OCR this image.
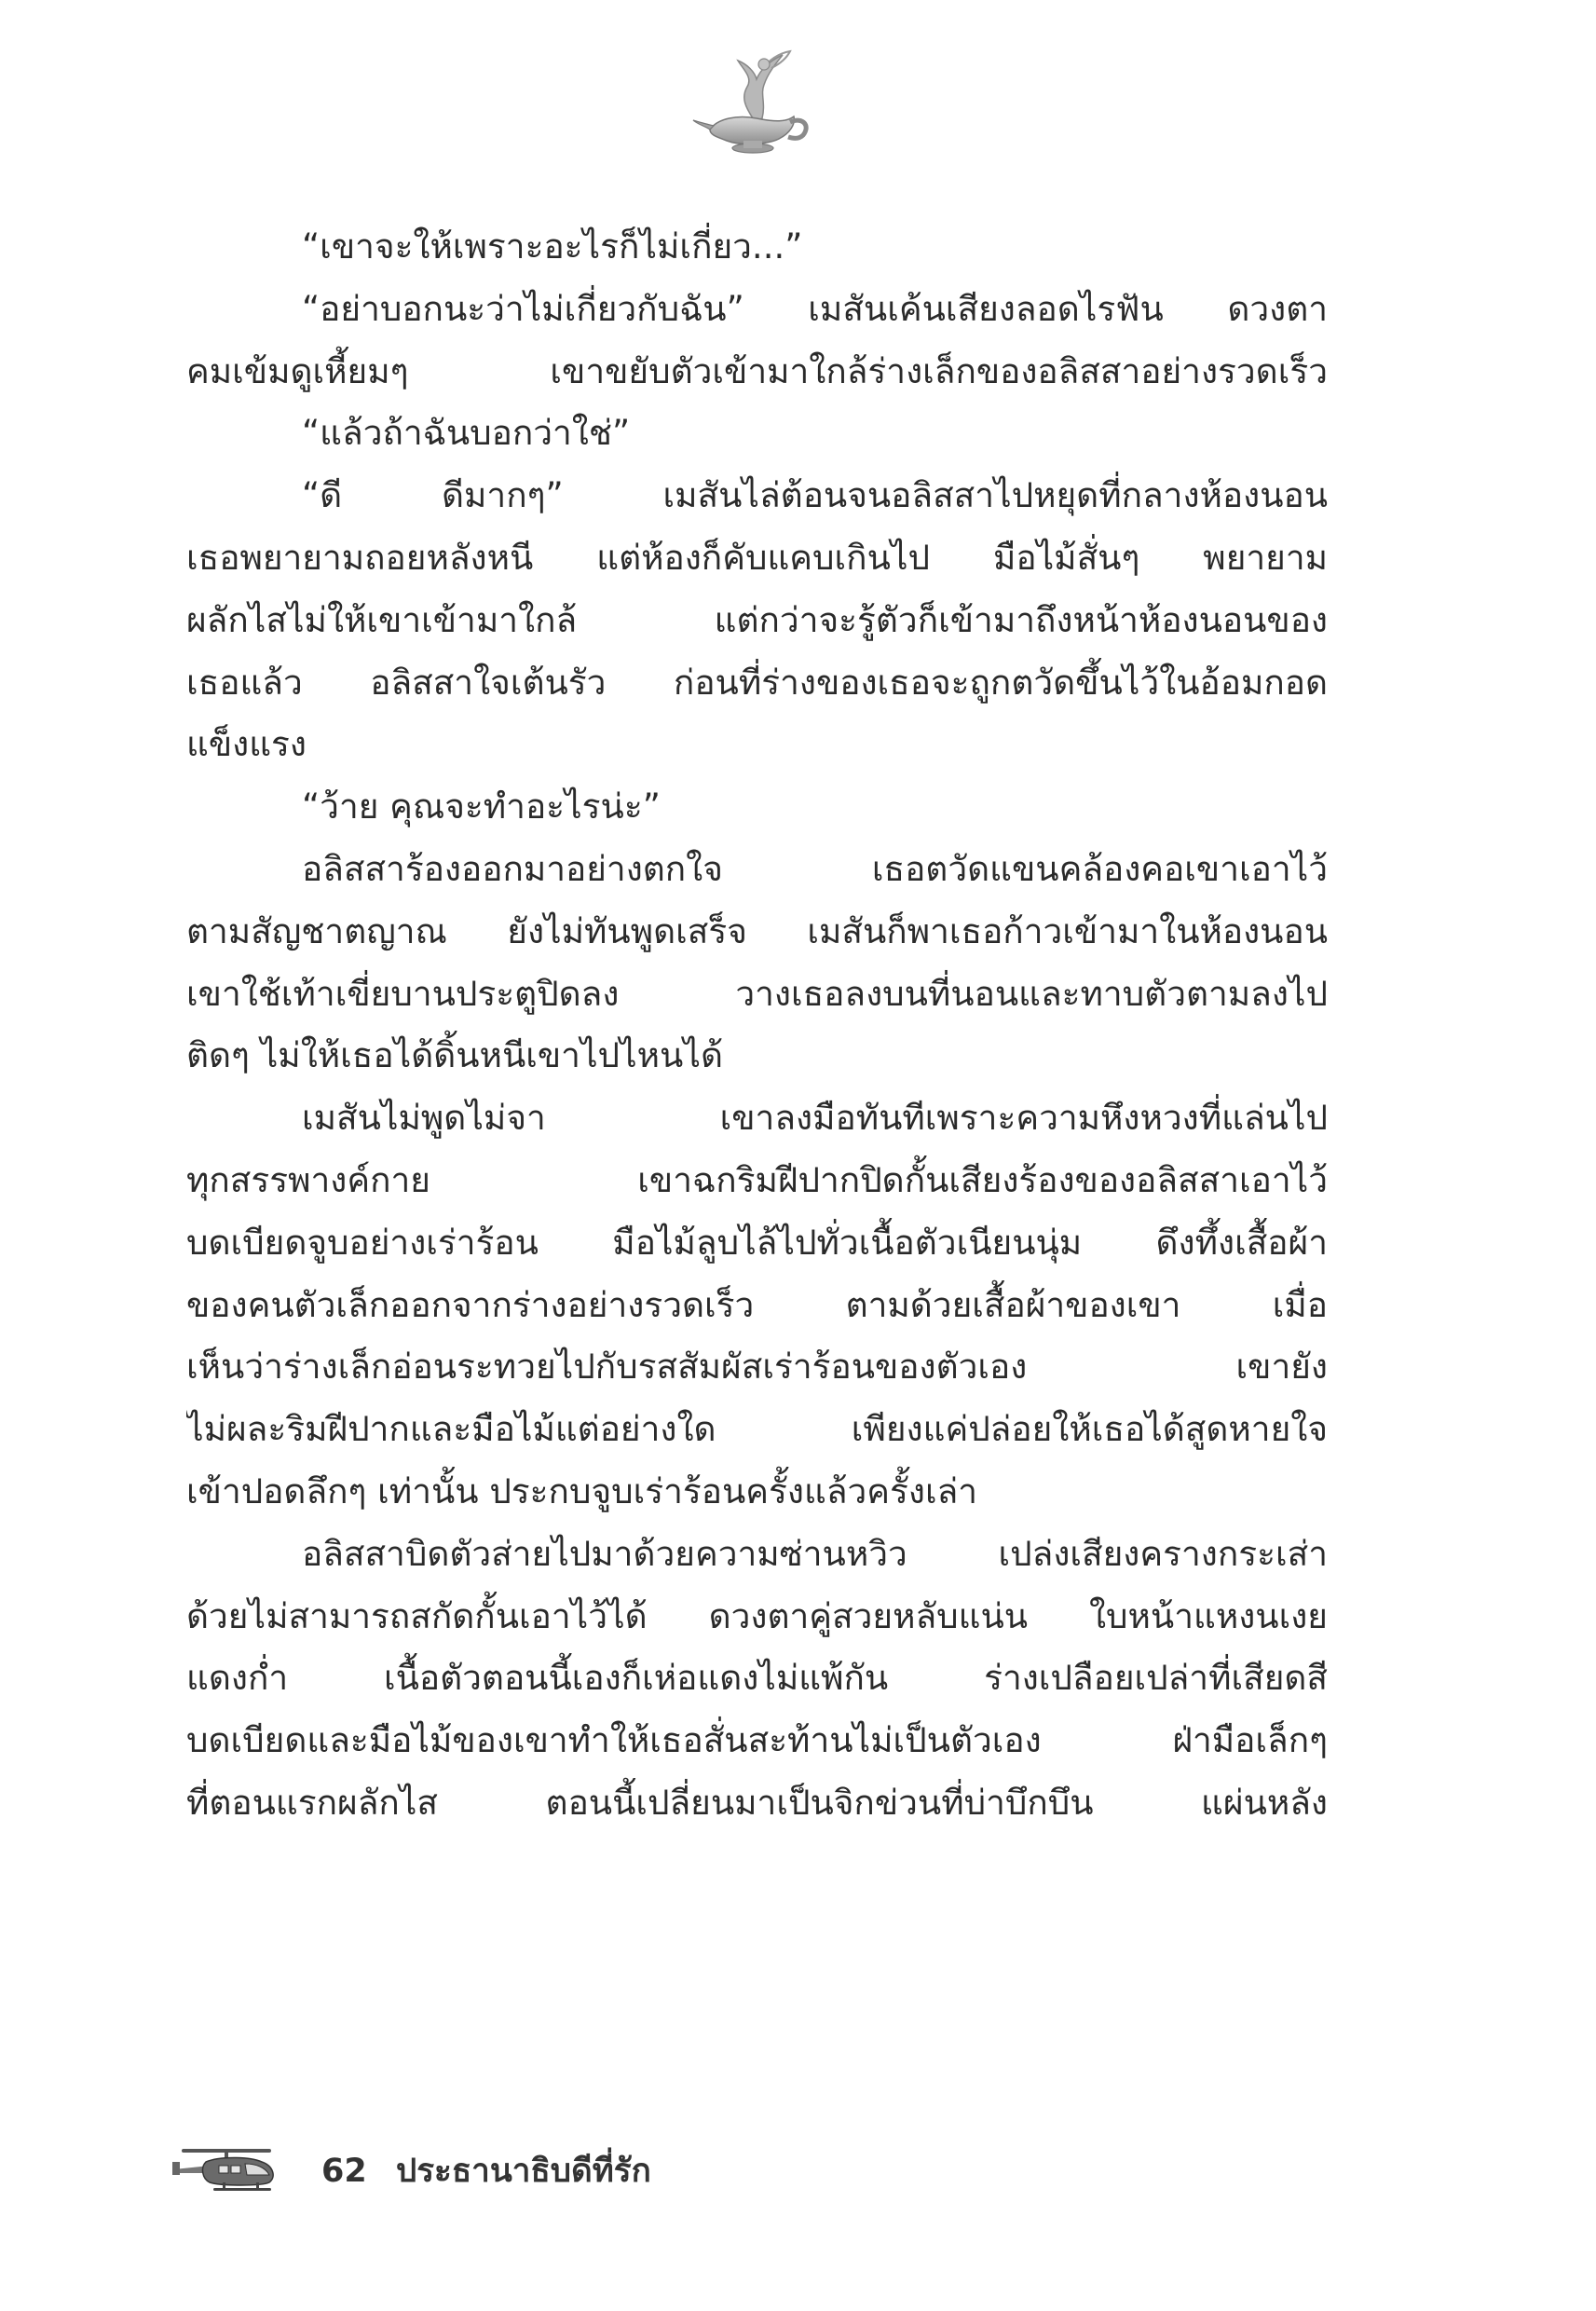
“เขาจะให้เพราะอะไรก็ไม่เกี่ยว...”
“อย่าบอกนะว่าไม่เกี่ยวกับฉัน” เมสันเค้นเสียงลอดไรฟัน ดวงตา
คมเข้มดูเหี้ยมๆ เขาขยับตัวเข้ามาใกล้ร่างเล็กของอลิสสาอย่างรวดเร็ว
“แล้วถ้าฉันบอกว่าใช่”
“ดี ดีมากๆ” เมสันไล่ต้อนจนอลิสสาไปหยุดที่กลางห้องนอน
เธอพยายามถอยหลังหนี แต่ห้องก็คับแคบเกินไป มือไม้สั่นๆ พยายาม
ผลักไสไม่ให้เขาเข้ามาใกล้ แต่กว่าจะรู้ตัวก็เข้ามาถึงหน้าห้องนอนของ
เธอแล้ว อลิสสาใจเต้นรัว ก่อนที่ร่างของเธอจะถูกตวัดขึ้นไว้ในอ้อมกอด
แข็งแรง
“ว้าย คุณจะทำอะไรน่ะ”
อลิสสาร้องออกมาอย่างตกใจ เธอตวัดแขนคล้องคอเขาเอาไว้
ตามสัญชาตญาณ ยังไม่ทันพูดเสร็จ เมสันก็พาเธอก้าวเข้ามาในห้องนอน
เขาใช้เท้าเขี่ยบานประตูปิดลง วางเธอลงบนที่นอนและทาบตัวตามลงไป
ติดๆ ไม่ให้เธอได้ดิ้นหนีเขาไปไหนได้
เมสันไม่พูดไม่จา เขาลงมือทันทีเพราะความหึงหวงที่แล่นไป
ทุกสรรพางค์กาย เขาฉกริมฝีปากปิดกั้นเสียงร้องของอลิสสาเอาไว้
บดเบียดจูบอย่างเร่าร้อน มือไม้ลูบไล้ไปทั่วเนื้อตัวเนียนนุ่ม ดึงทึ้งเสื้อผ้า
ของคนตัวเล็กออกจากร่างอย่างรวดเร็ว ตามด้วยเสื้อผ้าของเขา เมื่อ
เห็นว่าร่างเล็กอ่อนระทวยไปกับรสสัมผัสเร่าร้อนของตัวเอง เขายัง
ไม่ผละริมฝีปากและมือไม้แต่อย่างใด เพียงแค่ปล่อยให้เธอได้สูดหายใจ
เข้าปอดลึกๆ เท่านั้น ประกบจูบเร่าร้อนครั้งแล้วครั้งเล่า
อลิสสาบิดตัวส่ายไปมาด้วยความซ่านหวิว เปล่งเสียงครางกระเส่า
ด้วยไม่สามารถสกัดกั้นเอาไว้ได้ ดวงตาคู่สวยหลับแน่น ใบหน้าแหงนเงย
แดงก่ำ เนื้อตัวตอนนี้เองก็เห่อแดงไม่แพ้กัน ร่างเปลือยเปล่าที่เสียดสี
บดเบียดและมือไม้ของเขาทำให้เธอสั่นสะท้านไม่เป็นตัวเอง ฝ่ามือเล็กๆ
ที่ตอนแรกผลักไส ตอนนี้เปลี่ยนมาเป็นจิกข่วนที่บ่าบึกบึน แผ่นหลัง
62 ประธานาธิบดีที่รัก
